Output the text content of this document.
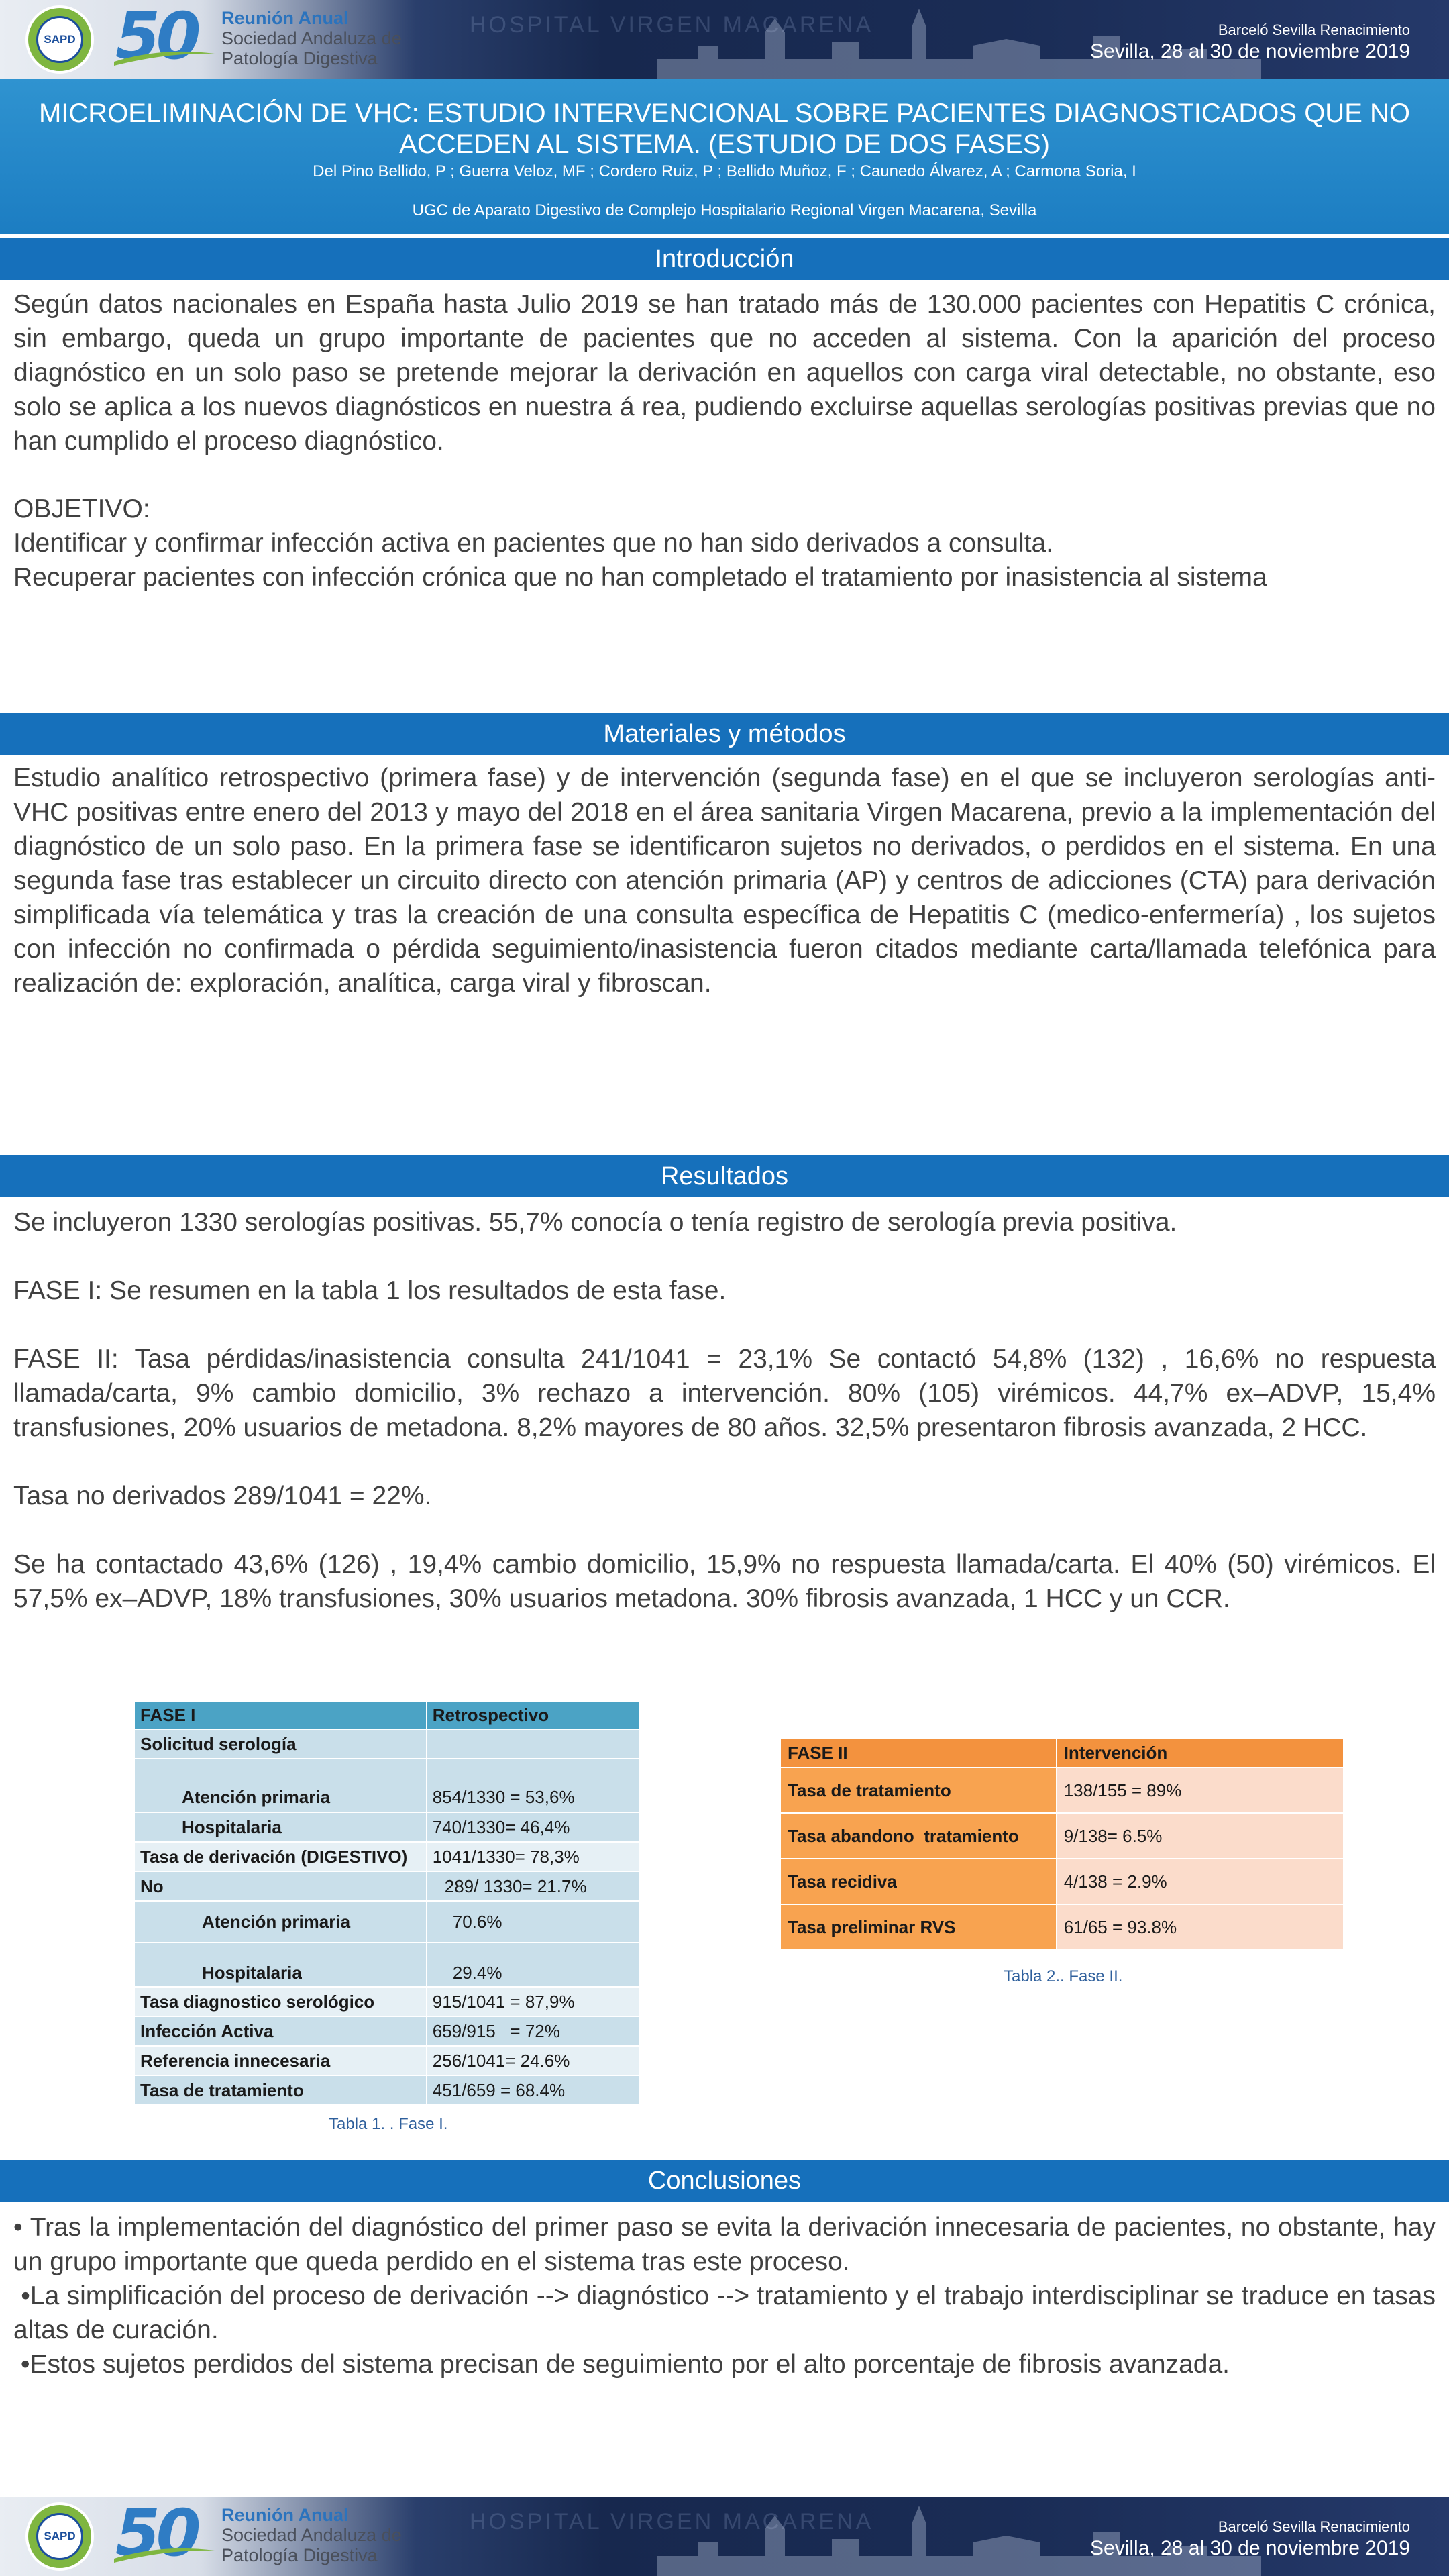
HOSPITAL VIRGEN MACARENA
SAPD 50 Reunión Anual
Sociedad Andaluza de
Patología Digestiva
Barceló Sevilla Renacimiento
Sevilla, 28 al 30 de noviembre 2019
MICROELIMINACIÓN DE VHC: ESTUDIO INTERVENCIONAL SOBRE PACIENTES DIAGNOSTICADOS QUE NO ACCEDEN AL SISTEMA. (ESTUDIO DE DOS FASES)
Del Pino Bellido, P ; Guerra Veloz, MF ; Cordero Ruiz, P ; Bellido Muñoz, F ; Caunedo Álvarez, A ; Carmona Soria, I
UGC de Aparato Digestivo de Complejo Hospitalario Regional Virgen Macarena, Sevilla
Introducción
Según datos nacionales en España hasta Julio 2019 se han tratado más de 130.000 pacientes con Hepatitis C crónica, sin embargo, queda un grupo importante de pacientes que no acceden al sistema. Con la aparición del proceso diagnóstico en un solo paso se pretende mejorar la derivación en aquellos con carga viral detectable, no obstante, eso solo se aplica a los nuevos diagnósticos en nuestra á rea, pudiendo excluirse aquellas serologías positivas previas que no han cumplido el proceso diagnóstico.
OBJETIVO:
Identificar y confirmar infección activa en pacientes que no han sido derivados a consulta.
Recuperar pacientes con infección crónica que no han completado el tratamiento por inasistencia al sistema
Materiales y métodos
Estudio analítico retrospectivo (primera fase) y de intervención (segunda fase) en el que se incluyeron serologías anti-VHC positivas entre enero del 2013 y mayo del 2018 en el área sanitaria Virgen Macarena, previo a la implementación del diagnóstico de un solo paso. En la primera fase se identificaron sujetos no derivados, o perdidos en el sistema. En una segunda fase tras establecer un circuito directo con atención primaria (AP) y centros de adicciones (CTA) para derivación simplificada vía telemática y tras la creación de una consulta específica de Hepatitis C (medico-enfermería) , los sujetos con infección no confirmada o pérdida seguimiento/inasistencia fueron citados mediante carta/llamada telefónica para realización de: exploración, analítica, carga viral y fibroscan.
Resultados
Se incluyeron 1330 serologías positivas. 55,7% conocía o tenía registro de serología previa positiva.
FASE I: Se resumen en la tabla 1 los resultados de esta fase.
FASE II: Tasa pérdidas/inasistencia consulta 241/1041 = 23,1% Se contactó 54,8% (132) , 16,6% no respuesta llamada/carta, 9% cambio domicilio, 3% rechazo a intervención. 80% (105) virémicos. 44,7% ex–ADVP, 15,4% transfusiones, 20% usuarios de metadona. 8,2% mayores de 80 años. 32,5% presentaron fibrosis avanzada, 2 HCC.
Tasa no derivados 289/1041 = 22%.
Se ha contactado 43,6% (126) , 19,4% cambio domicilio, 15,9% no respuesta llamada/carta. El 40% (50) virémicos. El 57,5% ex–ADVP, 18% transfusiones, 30% usuarios metadona. 30% fibrosis avanzada, 1 HCC y un CCR.
FASE I	Retrospectivo
Solicitud serología	
Atención primaria	854/1330 = 53,6%
Hospitalaria	740/1330= 46,4%
Tasa de derivación (DIGESTIVO)	1041/1330= 78,3%
No	289/ 1330= 21.7%
Atención primaria	70.6%
Hospitalaria	29.4%
Tasa diagnostico serológico	915/1041 = 87,9%
Infección Activa	659/915   = 72%
Referencia innecesaria	256/1041= 24.6%
Tasa de tratamiento	451/659 = 68.4%
Tabla 1. . Fase I.
FASE II	Intervención
Tasa de tratamiento	138/155 = 89%
Tasa abandono  tratamiento	9/138= 6.5%
Tasa recidiva	4/138 = 2.9%
Tasa preliminar RVS	61/65 = 93.8%
Tabla 2.. Fase II.
Conclusiones
• Tras la implementación del diagnóstico del primer paso se evita la derivación innecesaria de pacientes, no obstante, hay un grupo importante que queda perdido en el sistema tras este proceso.
•La simplificación del proceso de derivación --> diagnóstico --> tratamiento y el trabajo interdisciplinar se traduce en tasas altas de curación.
•Estos sujetos perdidos del sistema precisan de seguimiento por el alto porcentaje de fibrosis avanzada.
HOSPITAL VIRGEN MACARENA
SAPD 50 Reunión Anual
Sociedad Andaluza de
Patología Digestiva
Barceló Sevilla Renacimiento
Sevilla, 28 al 30 de noviembre 2019
